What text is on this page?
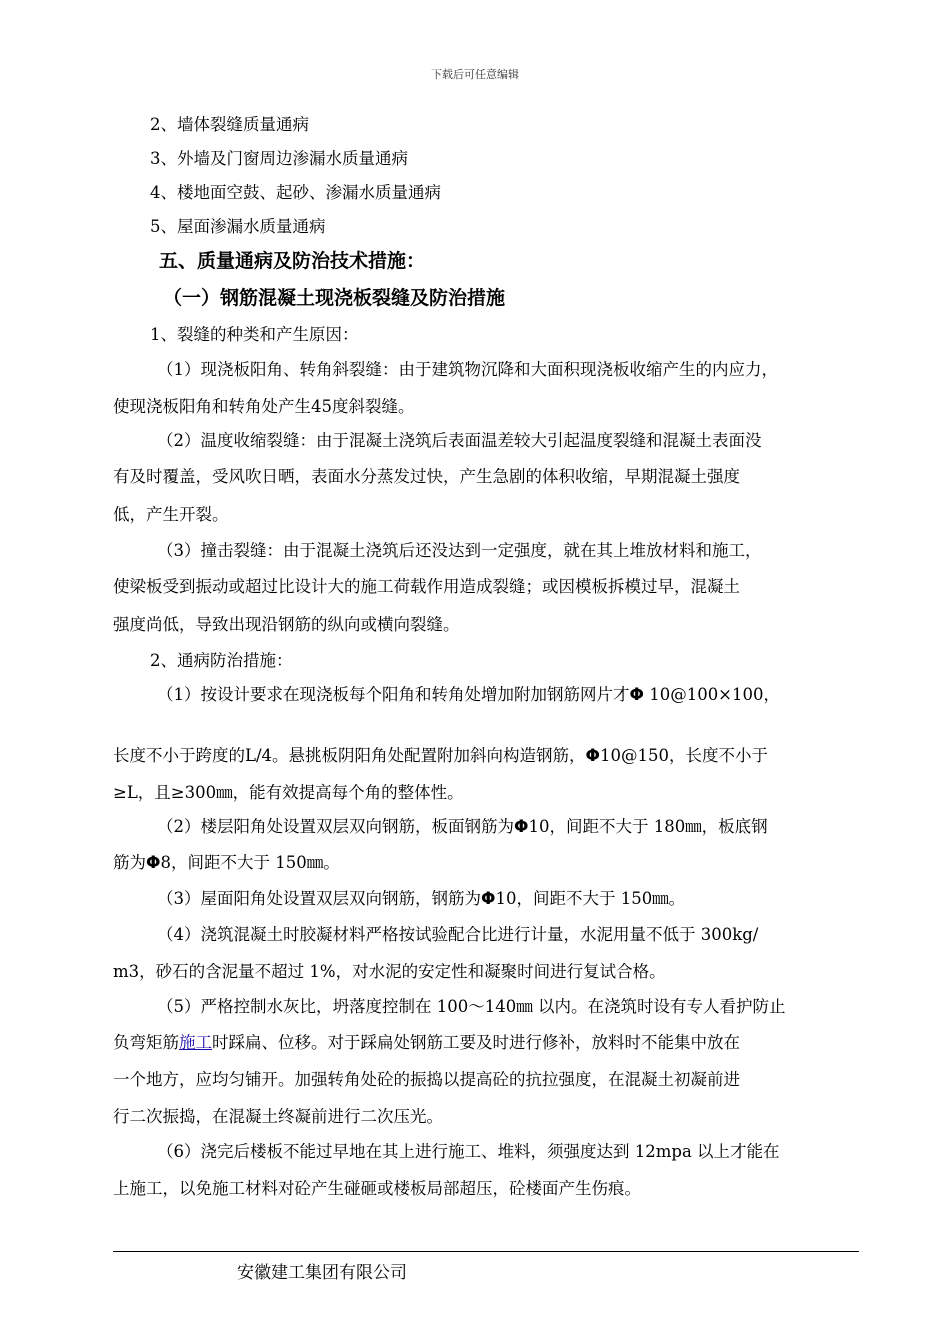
下载后可任意编辑
2、墙体裂缝质量通病
3、外墙及门窗周边渗漏水质量通病
4、楼地面空鼓、起砂、渗漏水质量通病
5、屋面渗漏水质量通病
五、质量通病及防治技术措施：
（一）钢筋混凝土现浇板裂缝及防治措施
1、裂缝的种类和产生原因：
（1）现浇板阳角、转角斜裂缝：由于建筑物沉降和大面积现浇板收缩产生的内应力，
使现浇板阳角和转角处产生45度斜裂缝。
（2）温度收缩裂缝：由于混凝土浇筑后表面温差较大引起温度裂缝和混凝土表面没
有及时覆盖，受风吹日晒，表面水分蒸发过快，产生急剧的体积收缩，早期混凝土强度
低，产生开裂。
（3）撞击裂缝：由于混凝土浇筑后还没达到一定强度，就在其上堆放材料和施工，
使梁板受到振动或超过比设计大的施工荷载作用造成裂缝；或因模板拆模过早，混凝土
强度尚低，导致出现沿钢筋的纵向或横向裂缝。
2、通病防治措施：
（1）按设计要求在现浇板每个阳角和转角处增加附加钢筋网片才Φ 10@100×100，
长度不小于跨度的L/4。悬挑板阴阳角处配置附加斜向构造钢筋，Φ10@150，长度不小于
≥L，且≥300㎜，能有效提高每个角的整体性。
（2）楼层阳角处设置双层双向钢筋，板面钢筋为Φ10，间距不大于 180㎜，板底钢
筋为Φ8，间距不大于 150㎜。
（3）屋面阳角处设置双层双向钢筋，钢筋为Φ10，间距不大于 150㎜。
（4）浇筑混凝土时胶凝材料严格按试验配合比进行计量，水泥用量不低于 300kg/
m3，砂石的含泥量不超过 1%，对水泥的安定性和凝聚时间进行复试合格。
（5）严格控制水灰比，坍落度控制在 100～140㎜ 以内。在浇筑时设有专人看护防止
负弯矩筋施工时踩扁、位移。对于踩扁处钢筋工要及时进行修补，放料时不能集中放在
一个地方，应均匀铺开。加强转角处砼的振捣以提高砼的抗拉强度，在混凝土初凝前进
行二次振捣，在混凝土终凝前进行二次压光。
（6）浇完后楼板不能过早地在其上进行施工、堆料，须强度达到 12mpa 以上才能在
上施工，以免施工材料对砼产生碰砸或楼板局部超压，砼楼面产生伤痕。
安徽建工集团有限公司
